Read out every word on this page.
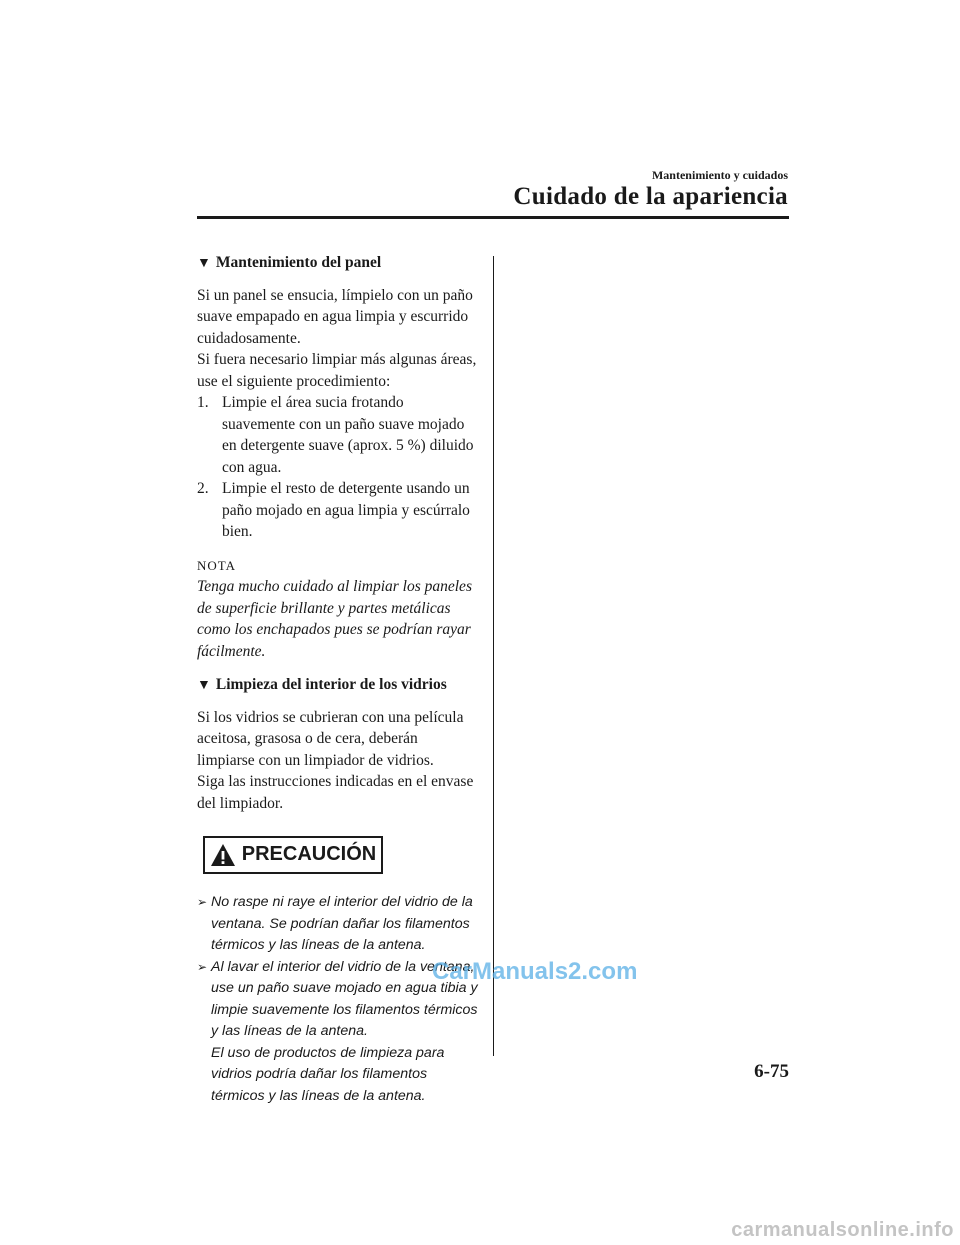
Mantenimiento y cuidados
Cuidado de la apariencia
▼ Mantenimiento del panel

Si un panel se ensucia, límpielo con un paño suave empapado en agua limpia y escurrido cuidadosamente.

Si fuera necesario limpiar más algunas áreas, use el siguiente procedimiento:

1. Limpie el área sucia frotando suavemente con un paño suave mojado en detergente suave (aprox. 5 %) diluido con agua.
2. Limpie el resto de detergente usando un paño mojado en agua limpia y escúrralo bien.
NOTA

Tenga mucho cuidado al limpiar los paneles de superficie brillante y partes metálicas como los enchapados pues se podrían rayar fácilmente.

▼ Limpieza del interior de los vidrios

Si los vidrios se cubrieran con una película aceitosa, grasosa o de cera, deberán limpiarse con un limpiador de vidrios.

Siga las instrucciones indicadas en el envase del limpiador.

PRECAUCIÓN
➢ No raspe ni raye el interior del vidrio de la ventana. Se podrían dañar los filamentos térmicos y las líneas de la antena.
➢ Al lavar el interior del vidrio de la ventana, use un paño suave mojado en agua tibia y limpie suavemente los filamentos térmicos y las líneas de la antena.
El uso de productos de limpieza para vidrios podría dañar los filamentos térmicos y las líneas de la antena.
CarManuals2.com
6-75
carmanualsonline.info
